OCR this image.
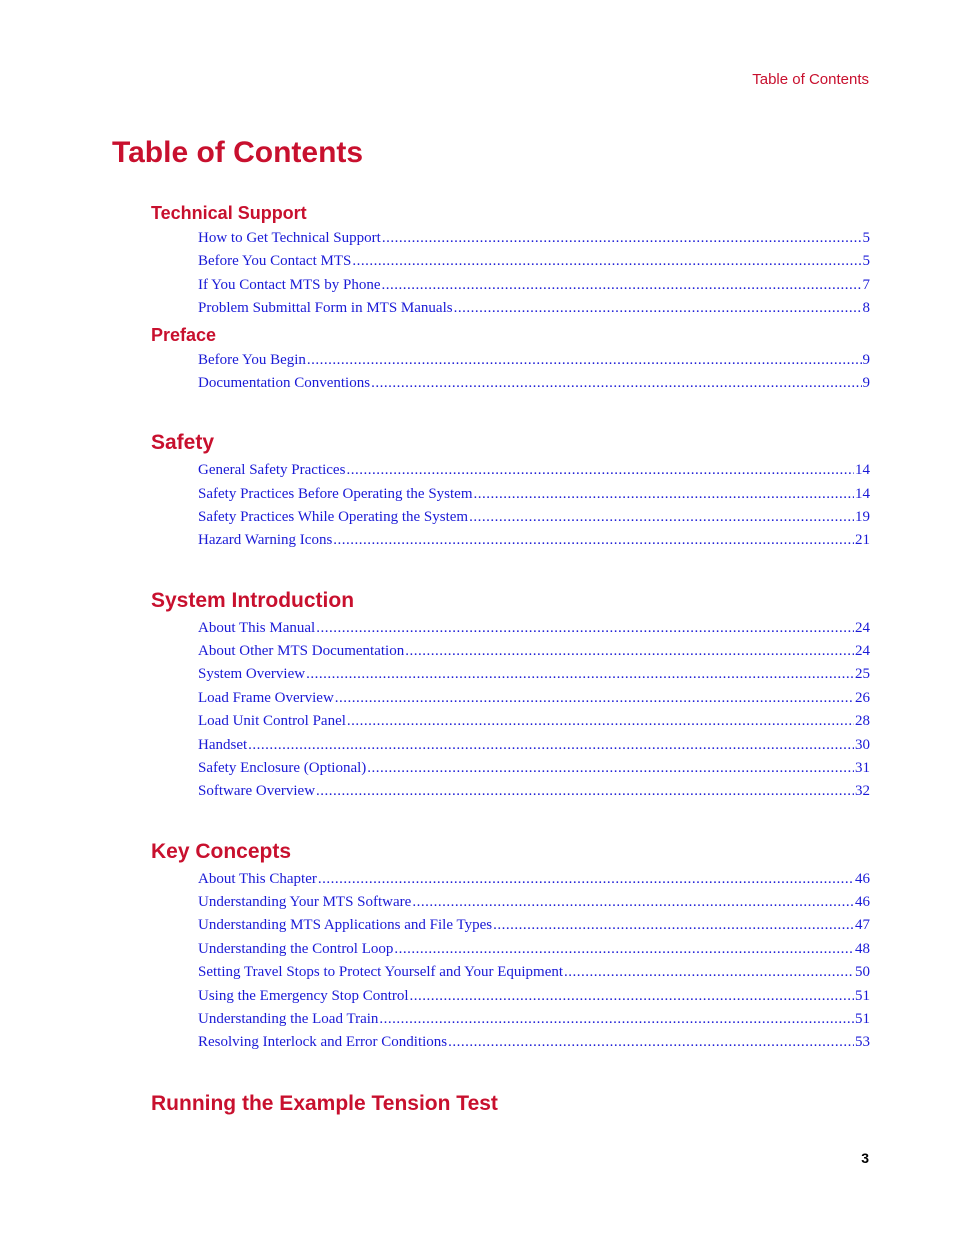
Table of Contents
Table of Contents
Technical Support
How to Get Technical Support .....	5
Before You Contact MTS .....	5
If You Contact MTS by Phone .....	7
Problem Submittal Form in MTS Manuals .....	8
Preface
Before You Begin .....	9
Documentation Conventions .....	9
Safety
General Safety Practices .....	14
Safety Practices Before Operating the System .....	14
Safety Practices While Operating the System .....	19
Hazard Warning Icons .....	21
System Introduction
About This Manual .....	24
About Other MTS Documentation .....	24
System Overview .....	25
Load Frame Overview .....	26
Load Unit Control Panel .....	28
Handset .....	30
Safety Enclosure (Optional) .....	31
Software Overview .....	32
Key Concepts
About This Chapter .....	46
Understanding Your MTS Software .....	46
Understanding MTS Applications and File Types .....	47
Understanding the Control Loop .....	48
Setting Travel Stops to Protect Yourself and Your Equipment .....	50
Using the Emergency Stop Control .....	51
Understanding the Load Train .....	51
Resolving Interlock and Error Conditions .....	53
Running the Example Tension Test
3
